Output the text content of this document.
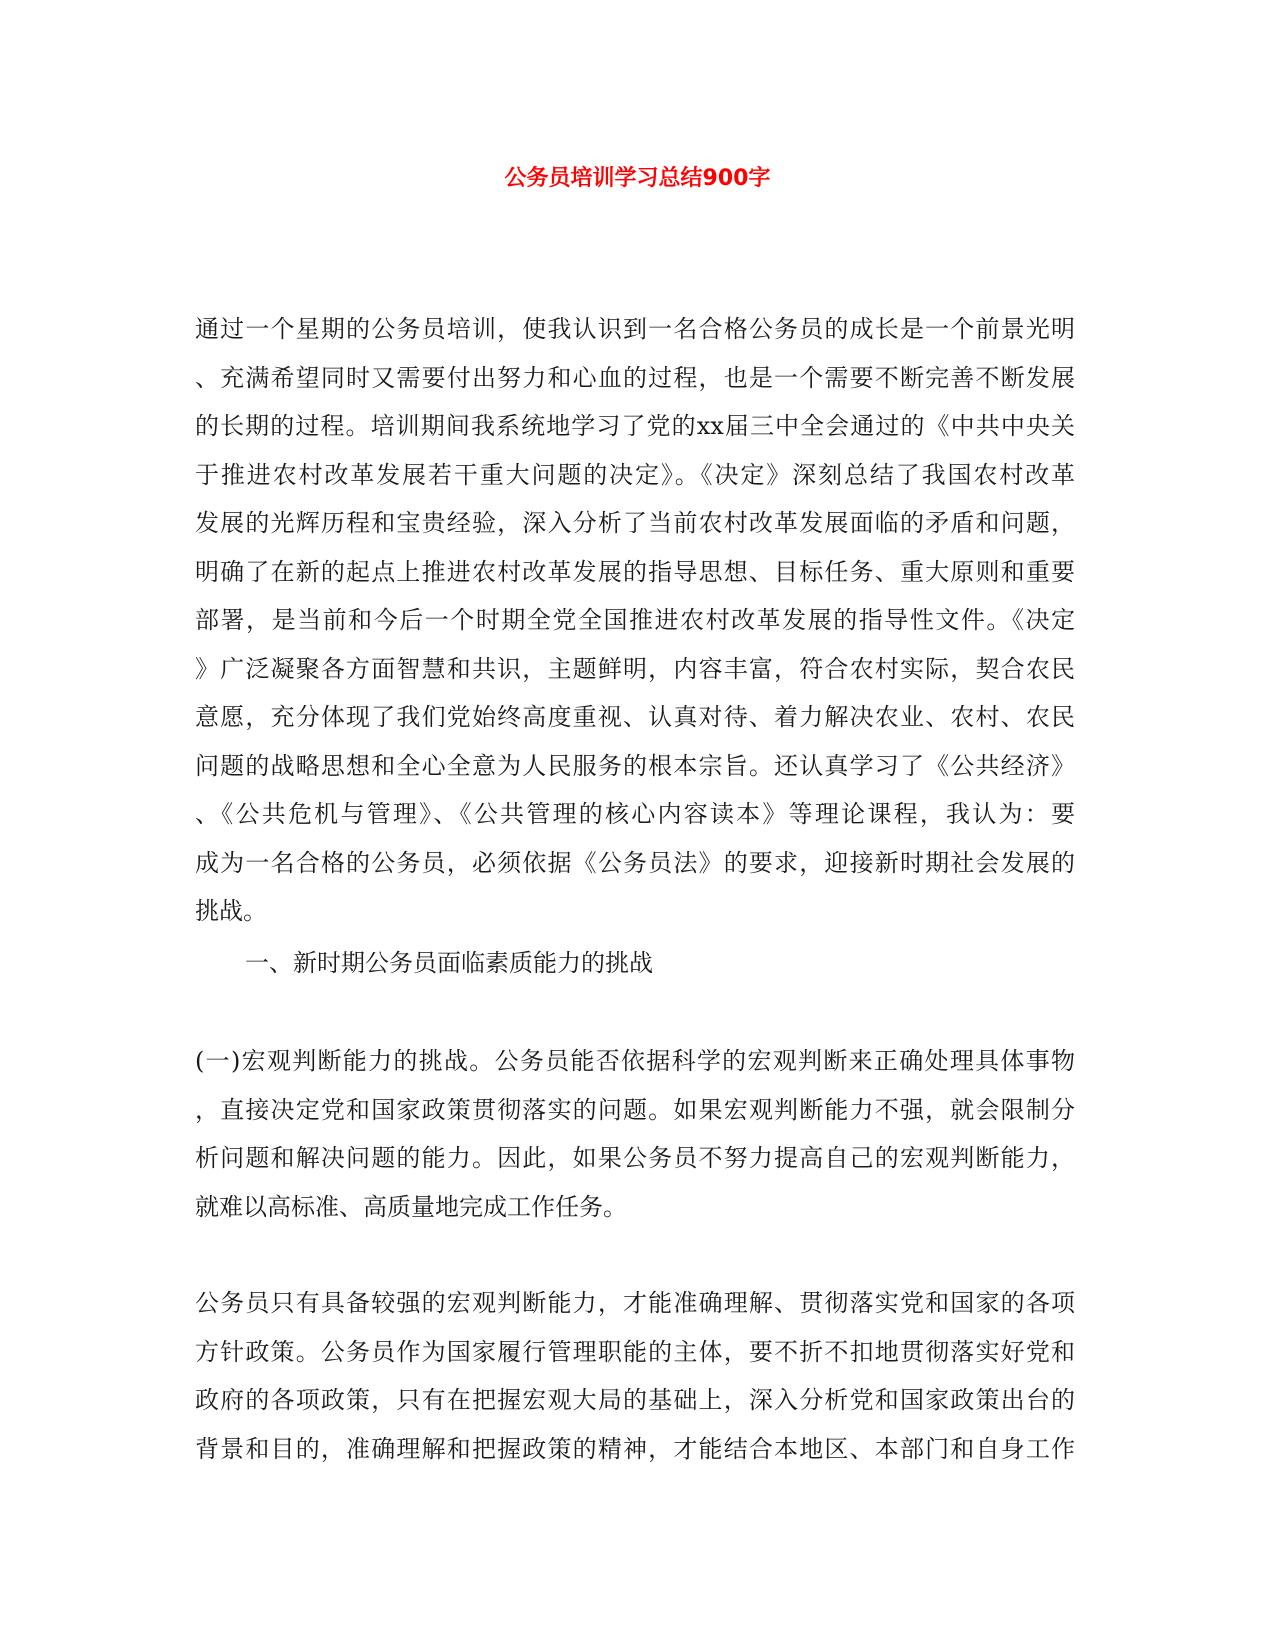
公务员培训学习总结900字
通过一个星期的公务员培训，使我认识到一名合格公务员的成长是一个前景光明
、充满希望同时又需要付出努力和心血的过程，也是一个需要不断完善不断发展
的长期的过程。培训期间我系统地学习了党的xx届三中全会通过的《中共中央关
于推进农村改革发展若干重大问题的决定》。《决定》深刻总结了我国农村改革
发展的光辉历程和宝贵经验，深入分析了当前农村改革发展面临的矛盾和问题，
明确了在新的起点上推进农村改革发展的指导思想、目标任务、重大原则和重要
部署，是当前和今后一个时期全党全国推进农村改革发展的指导性文件。《决定
》广泛凝聚各方面智慧和共识，主题鲜明，内容丰富，符合农村实际，契合农民
意愿，充分体现了我们党始终高度重视、认真对待、着力解决农业、农村、农民
问题的战略思想和全心全意为人民服务的根本宗旨。还认真学习了《公共经济》
、《公共危机与管理》、《公共管理的核心内容读本》等理论课程，我认为：要
成为一名合格的公务员，必须依据《公务员法》的要求，迎接新时期社会发展的
挑战。

一、新时期公务员面临素质能力的挑战

(一)宏观判断能力的挑战。公务员能否依据科学的宏观判断来正确处理具体事物
，直接决定党和国家政策贯彻落实的问题。如果宏观判断能力不强，就会限制分
析问题和解决问题的能力。因此，如果公务员不努力提高自己的宏观判断能力，
就难以高标准、高质量地完成工作任务。
公务员只有具备较强的宏观判断能力，才能准确理解、贯彻落实党和国家的各项
方针政策。公务员作为国家履行管理职能的主体，要不折不扣地贯彻落实好党和
政府的各项政策，只有在把握宏观大局的基础上，深入分析党和国家政策出台的
背景和目的，准确理解和把握政策的精神，才能结合本地区、本部门和自身工作
